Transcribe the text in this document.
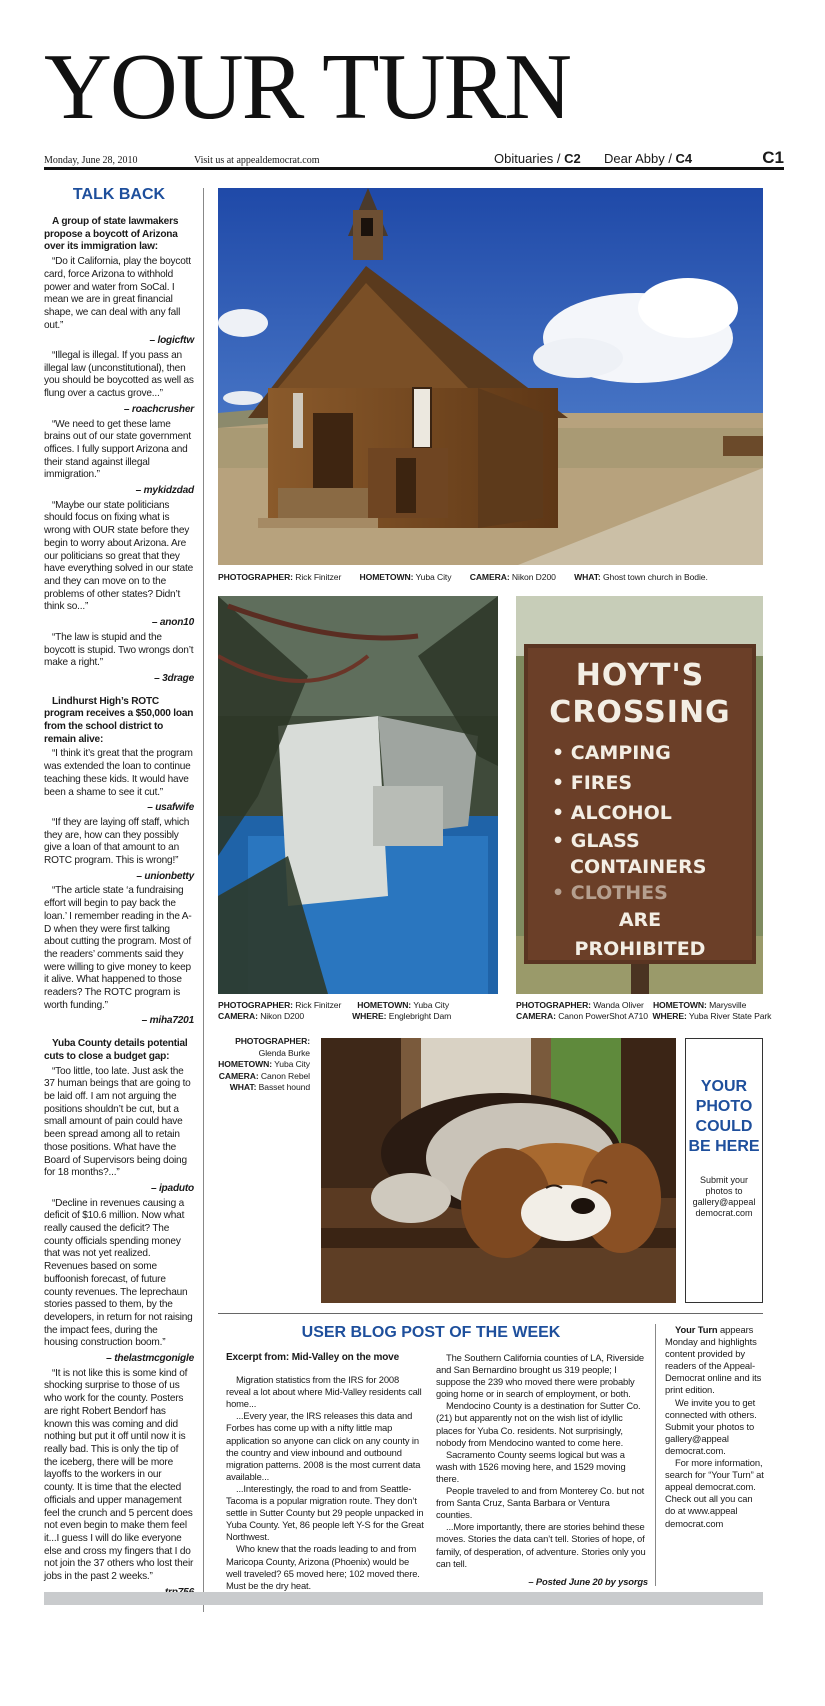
YOUR TURN
Monday, June 28, 2010	Visit us at appealdemocrat.com	Obituaries / C2 Dear Abby / C4	C1
TALK BACK
A group of state lawmakers propose a boycott of Arizona over its immigration law:
“Do it California, play the boycott card, force Arizona to withhold power and water from SoCal. I mean we are in great financial shape, we can deal with any fall out.”
– logicftw
“Illegal is illegal. If you pass an illegal law (unconstitutional), then you should be boycotted as well as flung over a cactus grove...”
– roachcrusher
“We need to get these lame brains out of our state government offices. I fully support Arizona and their stand against illegal immigration.”
– mykidzdad
“Maybe our state politicians should focus on fixing what is wrong with OUR state before they begin to worry about Arizona. Are our politicians so great that they have everything solved in our state and they can move on to the problems of other states? Didn’t think so...”
– anon10
“The law is stupid and the boycott is stupid. Two wrongs don’t make a right.”
– 3drage
Lindhurst High’s ROTC program receives a $50,000 loan from the school district to remain alive:
“I think it’s great that the program was extended the loan to continue teaching these kids. It would have been a shame to see it cut.”
– usafwife
“If they are laying off staff, which they are, how can they possibly give a loan of that amount to an ROTC program. This is wrong!”
– unionbetty
“The article state ‘a fundraising effort will begin to pay back the loan.’ I remember reading in the A-D when they were first talking about cutting the program. Most of the readers’ comments said they were willing to give money to keep it alive. What happened to those readers? The ROTC program is worth funding.”
– miha7201
Yuba County details potential cuts to close a budget gap:
“Too little, too late. Just ask the 37 human beings that are going to be laid off. I am not arguing the positions shouldn’t be cut, but a small amount of pain could have been spread among all to retain those positions. What have the Board of Supervisors being doing for 18 months?...”
– ipaduto
“Decline in revenues causing a deficit of $10.6 million. Now what really caused the deficit? The county officials spending money that was not yet realized. Revenues based on some buffoonish forecast, of future county revenues. The leprechaun stories passed to them, by the developers, in return for not raising the impact fees, during the housing construction boom.”
– thelastmcgonigle
“It is not like this is some kind of shocking surprise to those of us who work for the county. Posters are right Robert Bendorf has known this was coming and did nothing but put it off until now it is really bad. This is only the tip of the iceberg, there will be more layoffs to the workers in our county. It is time that the elected officials and upper management feel the crunch and 5 percent does not even begin to make them feel it...I guess I will do like everyone else and cross my fingers that I do not join the 37 others who lost their jobs in the past 2 weeks.”
PHOTOGRAPHER: Rick Finitzer HOMETOWN: Yuba City CAMERA: Nikon D200 WHAT: Ghost town church in Bodie.
PHOTOGRAPHER: Rick Finitzer HOMETOWN: Yuba City
CAMERA: Nikon D200	WHERE: Englebright Dam
HOYT'S
CROSSING
• CAMPING
• FIRES
• ALCOHOL
• GLASS
CONTAINERS
• CLOTHES
ARE
PROHIBITED
PHOTOGRAPHER: Wanda Oliver HOMETOWN: Marysville
CAMERA: Canon PowerShot A710 WHERE: Yuba River State Park
PHOTOGRAPHER:
Glenda Burke
HOMETOWN: Yuba City
CAMERA: Canon Rebel
WHAT: Basset hound	YOUR
PHOTO
COULD
BE HERE
Submit your photos to gallery@appeal democrat.com
USER BLOG POST OF THE WEEK
Excerpt from: Mid-Valley on the move

Migration statistics from the IRS for 2008 reveal a lot about where Mid-Valley residents call home...

...Every year, the IRS releases this data and Forbes has come up with a nifty little map application so anyone can click on any county in the country and view inbound and outbound migration patterns. 2008 is the most current data available...

...Interestingly, the road to and from Seattle-Tacoma is a popular migration route. They don’t settle in Sutter County but 29 people unpacked in Yuba County. Yet, 86 people left Y-S for the Great Northwest.

Who knew that the roads leading to and from Maricopa County, Arizona (Phoenix) would be well traveled? 65 moved here; 102 moved there. Must be the dry heat.

The Southern California counties of LA, Riverside and San Bernardino brought us 319 people; I suppose the 239 who moved there were probably going home or in search of employment, or both.

Mendocino County is a destination for Sutter Co. (21) but apparently not on the wish list of idyllic places for Yuba Co. residents. Not surprisingly, nobody from Mendocino wanted to come here.

Sacramento County seems logical but was a wash with 1526 moving here, and 1529 moving there.

People traveled to and from Monterey Co. but not from Santa Cruz, Santa Barbara or Ventura counties.

...More importantly, there are stories behind these moves. Stories the data can’t tell. Stories of hope, of family, of desperation, of adventure. Stories only you can tell.

– Posted June 20 by ysorgs

Your Turn appears Monday and highlights content provided by readers of the Appeal-Democrat online and its print edition.

We invite you to get connected with others. Submit your photos to gallery@appeal democrat.com.

For more information, search for “Your Turn” at appeal democrat.com. Check out all you can do at www.appeal democrat.com
